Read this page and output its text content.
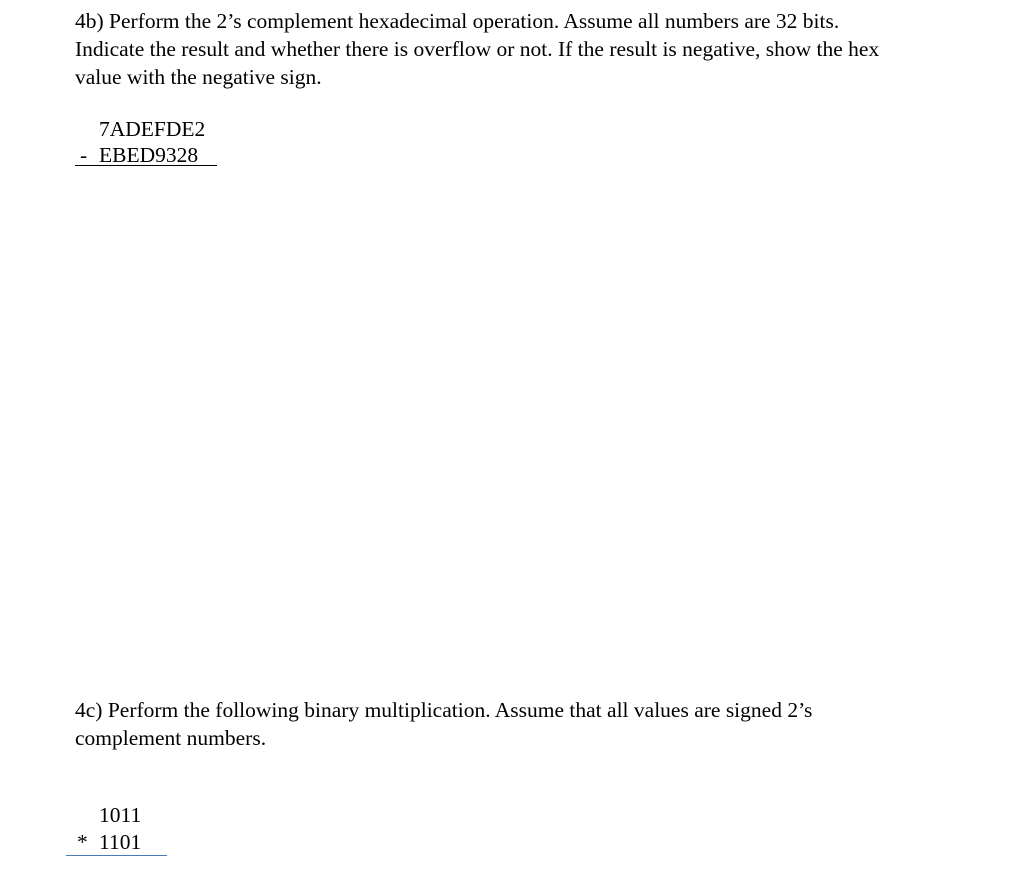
4b) Perform the 2’s complement hexadecimal operation. Assume all numbers are 32 bits.
Indicate the result and whether there is overflow or not. If the result is negative, show the hex
value with the negative sign.
7ADEFDE2
- EBED9328
4c) Perform the following binary multiplication. Assume that all values are signed 2’s
complement numbers.
1011
* 1101
